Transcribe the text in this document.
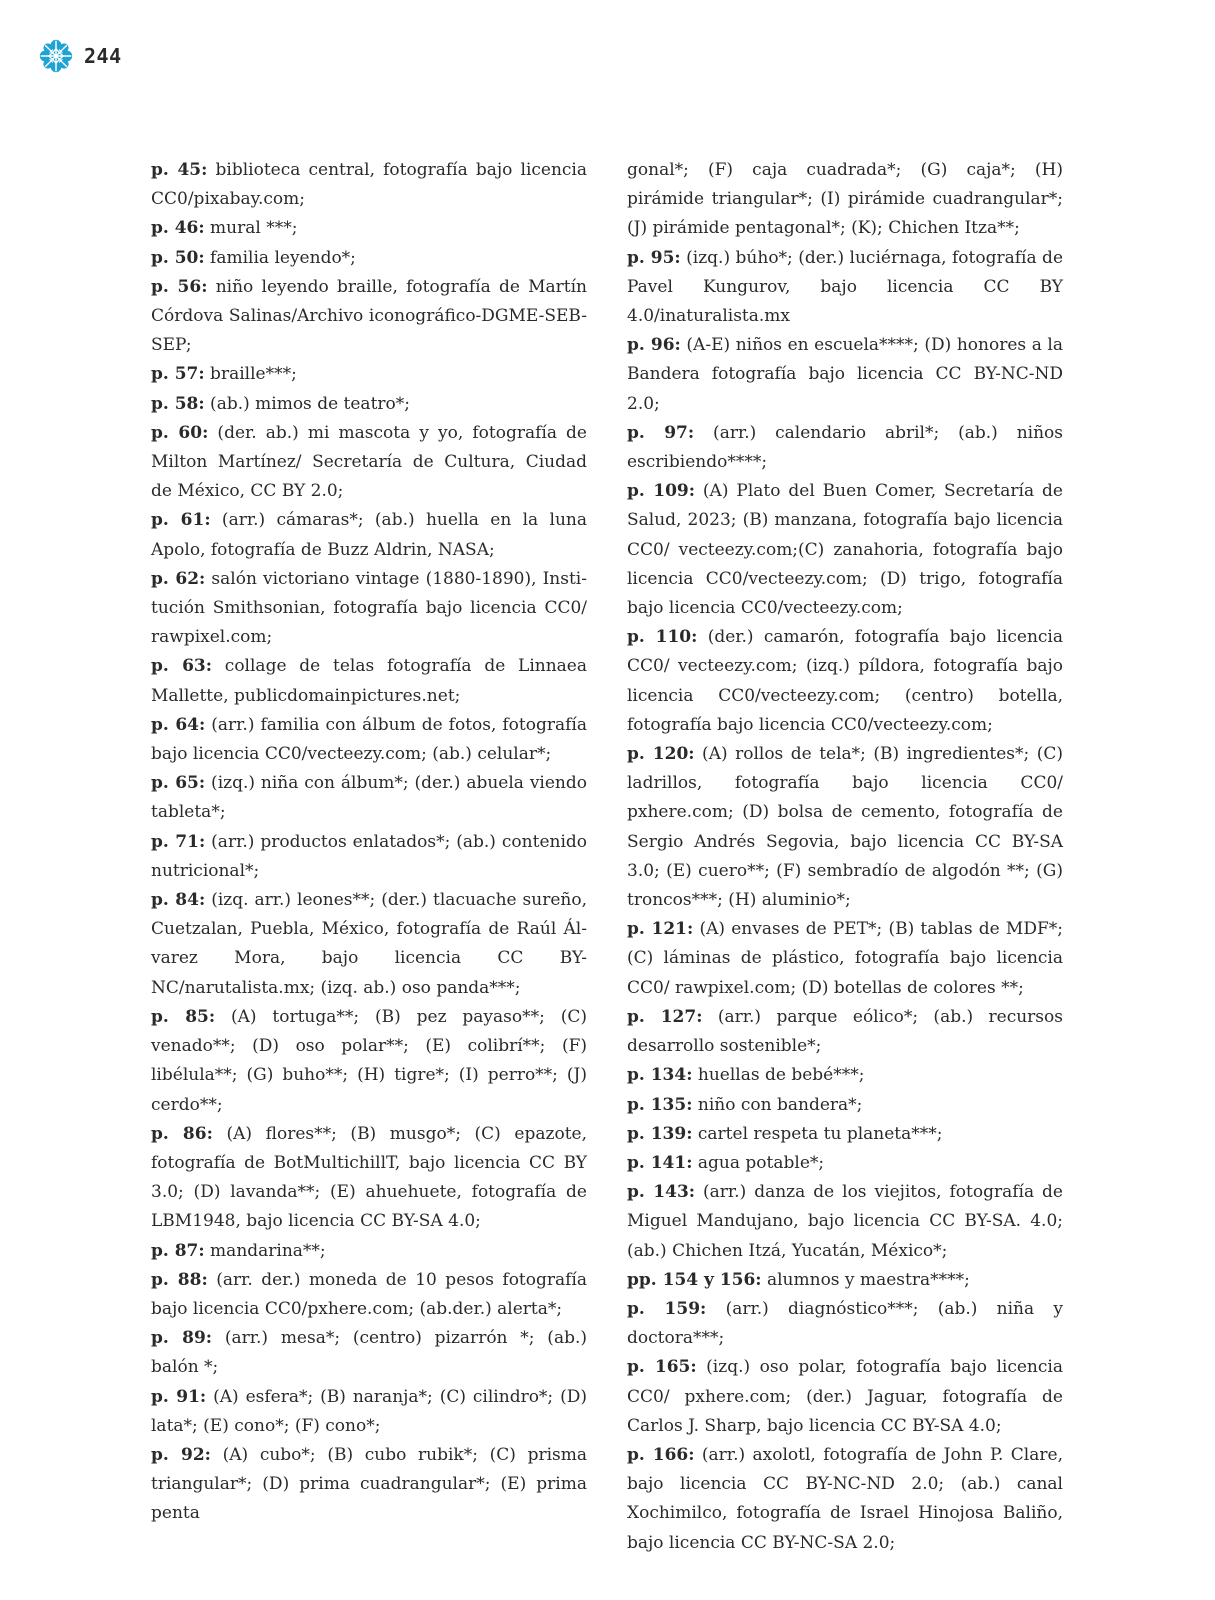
244

p. 45: biblioteca central, fotografía bajo licencia CC0/pixabay.com;

p. 46: mural ***;

p. 50: familia leyendo*;

p. 56: niño leyendo braille, fotografía de Martín Córdova Salinas/Archivo iconográfico-DGME-SEB-SEP;

p. 57: braille***;

p. 58: (ab.) mimos de teatro*;

p. 60: (der. ab.) mi mascota y yo, fotografía de Milton Martínez/ Secretaría de Cultura, Ciudad de México, CC BY 2.0;

p. 61: (arr.) cámaras*; (ab.) huella en la luna Apolo, fotografía de Buzz Aldrin, NASA;

p. 62: salón victoriano vintage (1880-1890), Institución Smithsonian, fotografía bajo licencia CC0/ rawpixel.com;

p. 63: collage de telas fotografía de Linnaea Mallette, publicdomainpictures.net;

p. 64: (arr.) familia con álbum de fotos, fotografía bajo licencia CC0/vecteezy.com; (ab.) celular*;

p. 65: (izq.) niña con álbum*; (der.) abuela viendo tableta*;

p. 71: (arr.) productos enlatados*; (ab.) contenido nutricional*;

p. 84: (izq. arr.) leones**; (der.) tlacuache sureño, Cuetzalan, Puebla, México, fotografía de Raúl Álvarez Mora, bajo licencia CC BY-NC/narutalista.mx; (izq. ab.) oso panda***;

p. 85: (A) tortuga**; (B) pez payaso**; (C) venado**; (D) oso polar**; (E) colibrí**; (F) libélula**; (G) buho**; (H) tigre*; (I) perro**; (J) cerdo**;

p. 86: (A) flores**; (B) musgo*; (C) epazote, fotografía de BotMultichillT, bajo licencia CC BY 3.0; (D) lavanda**; (E) ahuehuete, fotografía de LBM1948, bajo licencia CC BY-SA 4.0;

p. 87: mandarina**;

p. 88: (arr. der.) moneda de 10 pesos fotografía bajo licencia CC0/pxhere.com; (ab.der.) alerta*;

p. 89: (arr.) mesa*; (centro) pizarrón *; (ab.) balón *;

p. 91: (A) esfera*; (B) naranja*; (C) cilindro*; (D) lata*; (E) cono*; (F) cono*;

p. 92: (A) cubo*; (B) cubo rubik*; (C) prisma triangular*; (D) prima cuadrangular*; (E) prima penta

gonal*; (F) caja cuadrada*; (G) caja*; (H) pirámide triangular*; (I) pirámide cuadrangular*; (J) pirámide pentagonal*; (K); Chichen Itza**;

p. 95: (izq.) búho*; (der.) luciérnaga, fotografía de Pavel Kungurov, bajo licencia CC BY 4.0/inaturalista.mx

p. 96: (A-E) niños en escuela****; (D) honores a la Bandera fotografía bajo licencia CC BY-NC-ND 2.0;

p. 97: (arr.) calendario abril*; (ab.) niños escribiendo****;

p. 109: (A) Plato del Buen Comer, Secretaría de Salud, 2023; (B) manzana, fotografía bajo licencia CC0/ vecteezy.com;(C) zanahoria, fotografía bajo licencia CC0/vecteezy.com; (D) trigo, fotografía bajo licencia CC0/vecteezy.com;

p. 110: (der.) camarón, fotografía bajo licencia CC0/ vecteezy.com; (izq.) píldora, fotografía bajo licencia CC0/vecteezy.com; (centro) botella, fotografía bajo licencia CC0/vecteezy.com;

p. 120: (A) rollos de tela*; (B) ingredientes*; (C) ladrillos, fotografía bajo licencia CC0/ pxhere.com; (D) bolsa de cemento, fotografía de Sergio Andrés Segovia, bajo licencia CC BY-SA 3.0; (E) cuero**; (F) sembradío de algodón **; (G) troncos***; (H) aluminio*;

p. 121: (A) envases de PET*; (B) tablas de MDF*; (C) láminas de plástico, fotografía bajo licencia CC0/ rawpixel.com; (D) botellas de colores **;

p. 127: (arr.) parque eólico*; (ab.) recursos desarrollo sostenible*;

p. 134: huellas de bebé***;

p. 135: niño con bandera*;

p. 139: cartel respeta tu planeta***;

p. 141: agua potable*;

p. 143: (arr.) danza de los viejitos, fotografía de Miguel Mandujano, bajo licencia CC BY-SA. 4.0; (ab.) Chichen Itzá, Yucatán, México*;

pp. 154 y 156: alumnos y maestra****;

p. 159: (arr.) diagnóstico***; (ab.) niña y doctora***;

p. 165: (izq.) oso polar, fotografía bajo licencia CC0/ pxhere.com; (der.) Jaguar, fotografía de Carlos J. Sharp, bajo licencia CC BY-SA 4.0;

p. 166: (arr.) axolotl, fotografía de John P. Clare, bajo licencia CC BY-NC-ND 2.0; (ab.) canal Xochimilco, fotografía de Israel Hinojosa Baliño, bajo licencia CC BY-NC-SA 2.0;
